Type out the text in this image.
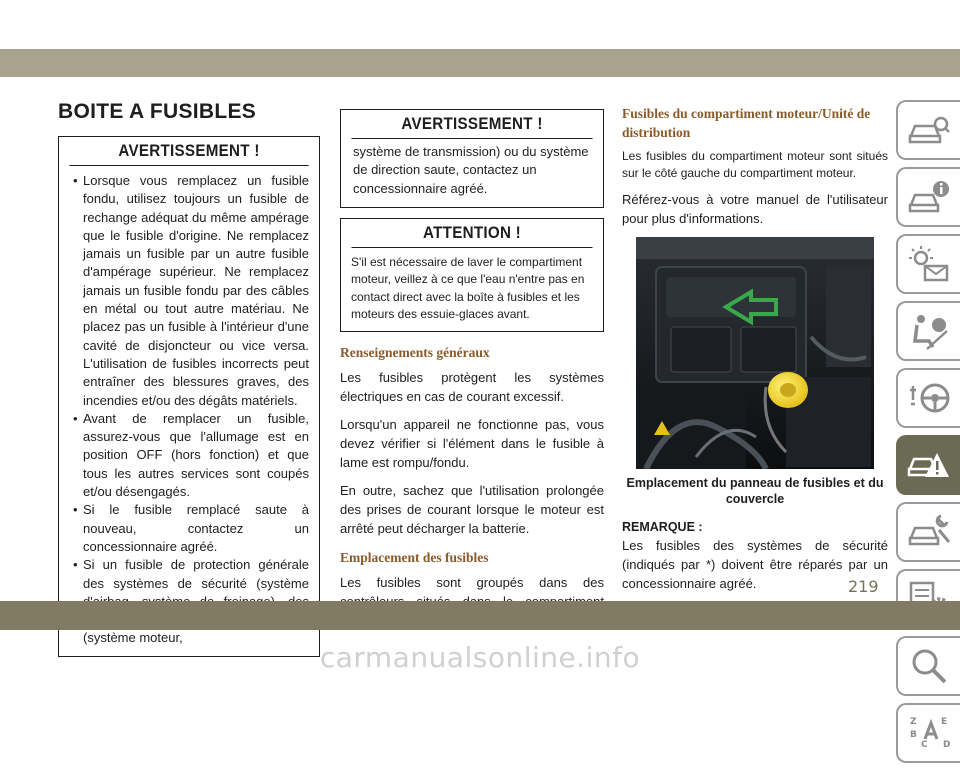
BOITE A FUSIBLES
AVERTISSEMENT !
• Lorsque vous remplacez un fusible fondu, utilisez toujours un fusible de rechange adéquat du même ampérage que le fusible d'origine. Ne remplacez jamais un fusible par un autre fusible d'ampérage supérieur. Ne remplacez jamais un fusible fondu par des câbles en métal ou tout autre matériau. Ne placez pas un fusible à l'intérieur d'une cavité de disjoncteur ou vice versa. L'utilisation de fusibles incorrects peut entraîner des blessures graves, des incendies et/ou des dégâts matériels.
• Avant de remplacer un fusible, assurez-vous que l'allumage est en position OFF (hors fonction) et que tous les autres services sont coupés et/ou désengagés.
• Si le fusible remplacé saute à nouveau, contactez un concessionnaire agréé.
• Si un fusible de protection générale des systèmes de sécurité (système (système moteur,
AVERTISSEMENT !
système de transmission) ou du système de direction saute, contactez un concessionnaire agréé.
ATTENTION !
S'il est nécessaire de laver le compartiment moteur, veillez à ce que l'eau n'entre pas en contact direct avec la boîte à fusibles et les moteurs des essuie-glaces avant.
Renseignements généraux

Les fusibles protègent les systèmes électriques en cas de courant excessif.

Lorsqu'un appareil ne fonctionne pas, vous devez vérifier si l'élément dans le fusible à lame est rompu/fondu.

En outre, sachez que l'utilisation prolongée des prises de courant lorsque le moteur est arrêté peut décharger la batterie.

Emplacement des fusibles

Les fusibles sont groupés dans des

Fusibles du compartiment moteur/Unité de distribution

Les fusibles du compartiment moteur sont situés sur le côté gauche du compartiment moteur.

Référez-vous à votre manuel de l'utilisateur pour plus d'informations.

Emplacement du panneau de fusibles et du couvercle

REMARQUE :

Les fusibles des systèmes de sécurité (indiqués par *) doivent être réparés par un concessionnaire agréé.

Z
B
C
E
D
219
carmanualsonline.info
